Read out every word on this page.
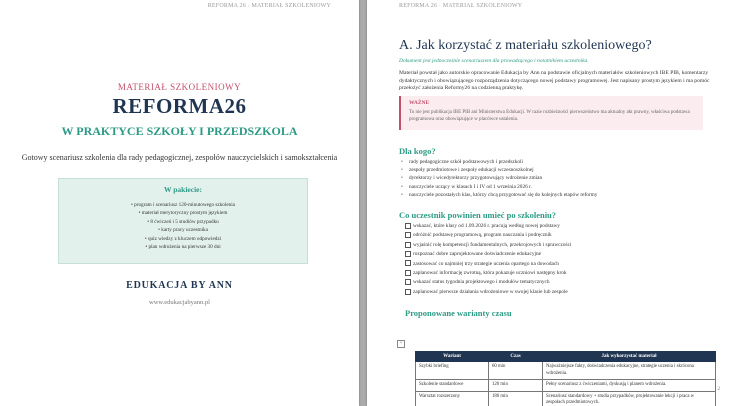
REFORMA 26 · MATERIAŁ SZKOLENIOWY
MATERIAŁ SZKOLENIOWY
REFORMA26
W PRAKTYCE SZKOŁY I PRZEDSZKOLA
Gotowy scenariusz szkolenia dla rady pedagogicznej, zespołów nauczycielskich i samokształcenia
W pakiecie:
• program i scenariusz 120-minutowego szkolenia
• materiał merytoryczny prostym językiem
• 8 ćwiczeń i 5 studiów przypadku
• karty pracy uczestnika
• quiz wiedzy z kluczem odpowiedzi
• plan wdrożenia na pierwsze 30 dni
EDUKACJA BY ANN
www.edukacjabyann.pl
REFORMA 26 · MATERIAŁ SZKOLENIOWY
A. Jak korzystać z materiału szkoleniowego?
Dokument jest jednocześnie scenariuszem dla prowadzącego i notatnikiem uczestnika.
Materiał powstał jako autorskie opracowanie Edukacja by Ann na podstawie oficjalnych materiałów szkoleniowych IBE PIB, komentarzy dydaktycznych i obowiązującego rozporządzenia dotyczącego nowej podstawy programowej. Jest napisany prostym językiem i ma pomóc przełożyć założenia Reformy26 na codzienną praktykę.
WAŻNE
To nie jest publikacja IBE PIB ani Ministerstwa Edukacji. W razie rozbieżności pierwszeństwo ma aktualny akt prawny, właściwa podstawa programowa oraz obowiązujące w placówce ustalenia.
Dla kogo?
• rady pedagogiczne szkół podstawowych i przedszkoli
• zespoły przedmiotowe i zespoły edukacji wczesnoszkolnej
• dyrektorzy i wicedyrektorzy przygotowujący wdrożenie zmian
• nauczyciele uczący w klasach I i IV od 1 września 2026 r.
• nauczyciele pozostałych klas, którzy chcą przygotować się do kolejnych etapów reformy
Co uczestnik powinien umieć po szkoleniu?
wskazać, które klasy od 1.09.2026 r. pracują według nowej podstawy
odróżnić podstawę programową, program nauczania i podręcznik
wyjaśnić rolę kompetencji fundamentalnych, przekrojowych i sprawczości
rozpoznać dobre zaprojektowane doświadczenie edukacyjne
zastosować co najmniej trzy strategie uczenia opartego na dowodach
zaplanować informację zwrotną, która pokazuje uczniowi następny krok
wskazać status tygodnia projektowego i modułów tematycznych
zaplanować pierwsze działania wdrożeniowe w swojej klasie lub zespole
Proponowane warianty czasu
+
Wariant	Czas	Jak wykorzystać materiał
Szybki briefing	60 min	Najważniejsze fakty, doświadczenia edukacyjne, strategie uczenia i skrócona wdrożenia.
Szkolenie standardowe	120 min	Pełny scenariusz z ćwiczeniami, dyskusją i planem wdrożenia.
Warsztat rozszerzony	180 min	Scenariusz standardowy + studia przypadków, projektowanie lekcji i praca w zespołach przedmiotowych.
2
